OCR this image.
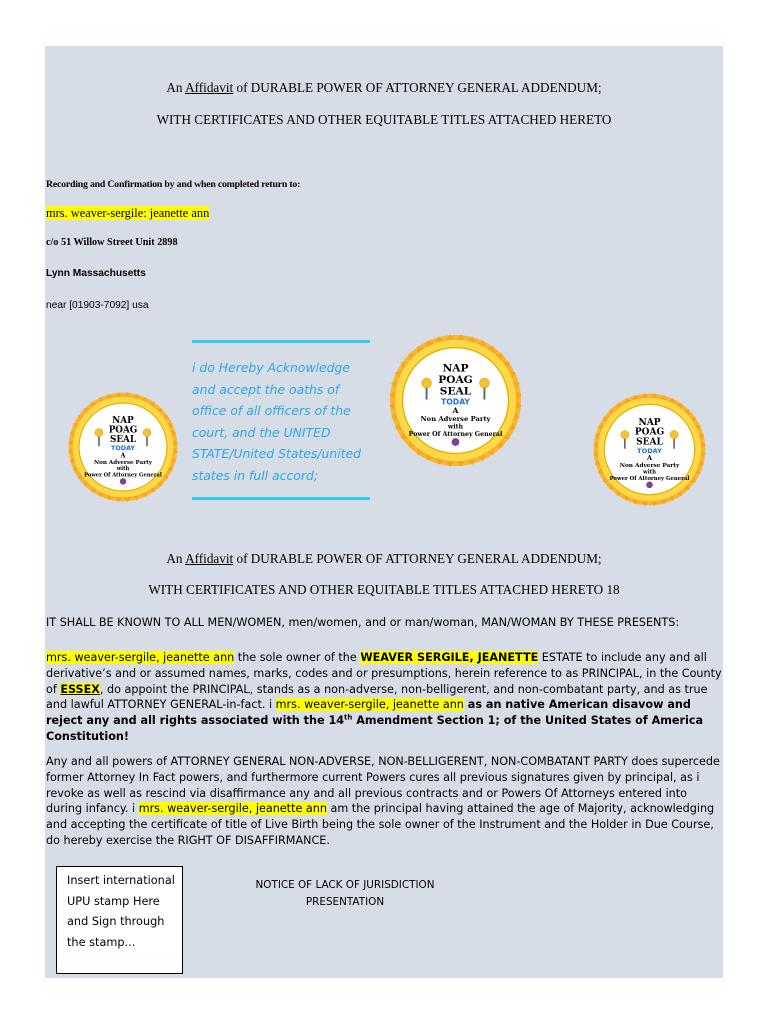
An Affidavit of DURABLE POWER OF ATTORNEY GENERAL ADDENDUM;
WITH CERTIFICATES AND OTHER EQUITABLE TITLES ATTACHED HERETO
Recording and Confirmation by and when completed return to:
mrs. weaver-sergile: jeanette ann
c/o 51 Willow Street Unit 2898
Lynn Massachusetts
near [01903-7092] usa
i do Hereby Acknowledge and accept the oaths of office of all officers of the court, and the UNITED STATE/United States/united states in full accord;
NAP
POAG
SEAL
TODAY
A
Non Adverse Party
with
Power Of Attorney General
NAP
POAG
SEAL
TODAY
A
Non Adverse Party
with
Power Of Attorney General
NAP
POAG
SEAL
TODAY
A
Non Adverse Party
with
Power Of Attorney General
An Affidavit of DURABLE POWER OF ATTORNEY GENERAL ADDENDUM;
WITH CERTIFICATES AND OTHER EQUITABLE TITLES ATTACHED HERETO 18
IT SHALL BE KNOWN TO ALL MEN/WOMEN, men/women, and or man/woman, MAN/WOMAN BY THESE PRESENTS:

mrs. weaver-sergile, jeanette ann the sole owner of the WEAVER SERGILE, JEANETTE ESTATE to include any and all derivative’s and or assumed names, marks, codes and or presumptions, herein reference to as PRINCIPAL, in the County of ESSEX, do appoint the PRINCIPAL, stands as a non-adverse, non-belligerent, and non-combatant party, and as true and lawful ATTORNEY GENERAL-in-fact. i mrs. weaver-sergile, jeanette ann as an native American disavow and reject any and all rights associated with the 14th Amendment Section 1; of the United States of America Constitution!

Any and all powers of ATTORNEY GENERAL NON-ADVERSE, NON-BELLIGERENT, NON-COMBATANT PARTY does supercede former Attorney In Fact powers, and furthermore current Powers cures all previous signatures given by principal, as i revoke as well as rescind via disaffirmance any and all previous contracts and or Powers Of Attorneys entered into during infancy. i mrs. weaver-sergile, jeanette ann am the principal having attained the age of Majority, acknowledging and accepting the certificate of title of Live Birth being the sole owner of the Instrument and the Holder in Due Course, do hereby exercise the RIGHT OF DISAFFIRMANCE.

Insert international UPU stamp Here and Sign through the stamp...
NOTICE OF LACK OF JURISDICTION
PRESENTATION
